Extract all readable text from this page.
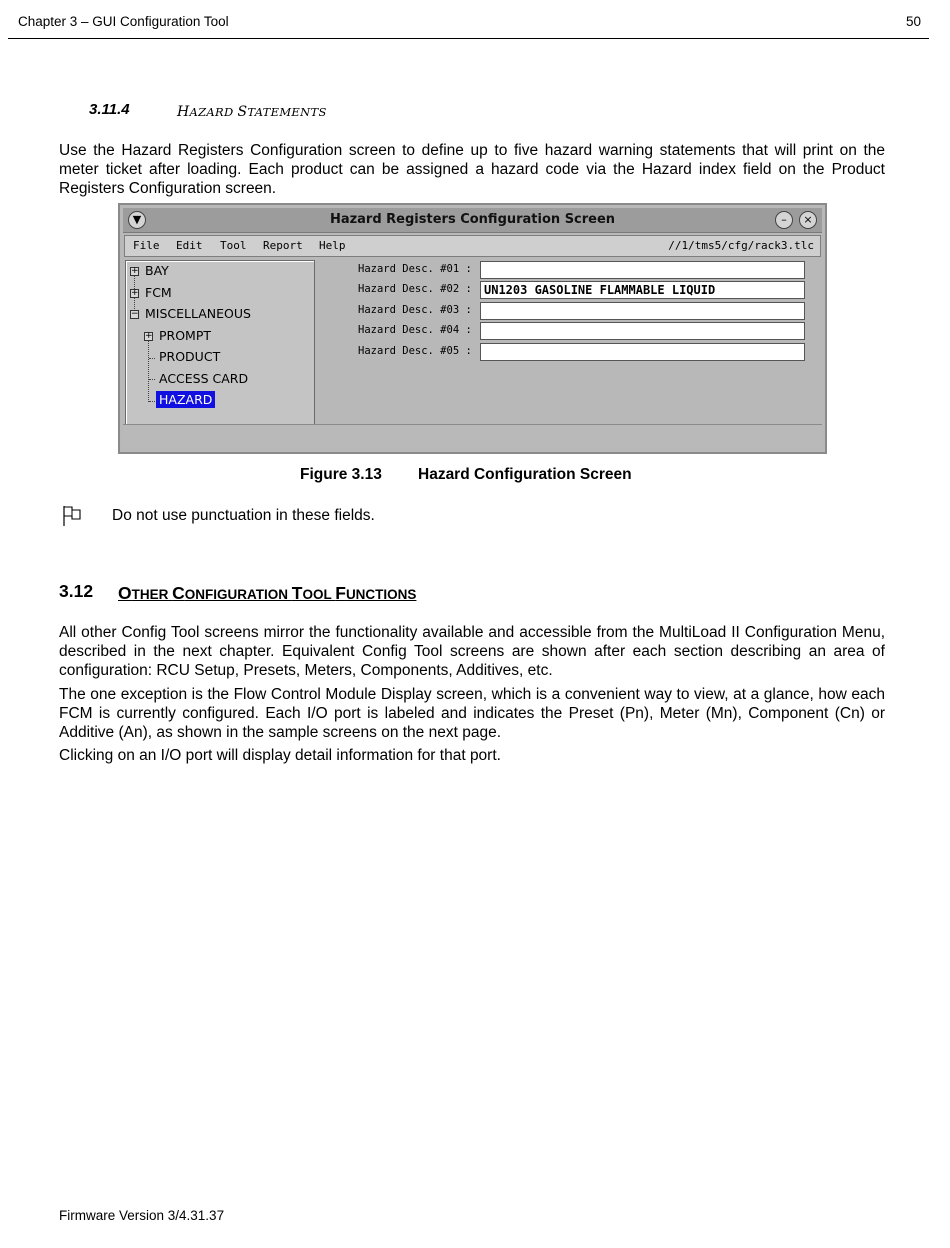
Chapter 3 – GUI Configuration Tool	50
3.11.4	HAZARD STATEMENTS

Use the Hazard Registers Configuration screen to define up to five hazard warning statements that will print on the meter ticket after loading. Each product can be assigned a hazard code via the Hazard index field on the Product Registers Configuration screen.

▼	Hazard Registers Configuration Screen	–	×
File Edit Tool Report Help	//1/tms5/cfg/rack3.tlc
+ BAY
+ FCM
− MISCELLANEOUS
+ PROMPT
PRODUCT
ACCESS CARD
HAZARD
Hazard Desc. #01 :
Hazard Desc. #02 :	UN1203 GASOLINE FLAMMABLE LIQUID
Hazard Desc. #03 :
Hazard Desc. #04 :
Hazard Desc. #05 :
Figure 3.13 Hazard Configuration Screen
Do not use punctuation in these fields.
3.12 OTHER CONFIGURATION TOOL FUNCTIONS

All other Config Tool screens mirror the functionality available and accessible from the MultiLoad II Configuration Menu, described in the next chapter. Equivalent Config Tool screens are shown after each section describing an area of configuration: RCU Setup, Presets, Meters, Components, Additives, etc.

The one exception is the Flow Control Module Display screen, which is a convenient way to view, at a glance, how each FCM is currently configured. Each I/O port is labeled and indicates the Preset (Pn), Meter (Mn), Component (Cn) or Additive (An), as shown in the sample screens on the next page.

Clicking on an I/O port will display detail information for that port.

Firmware Version 3/4.31.37
